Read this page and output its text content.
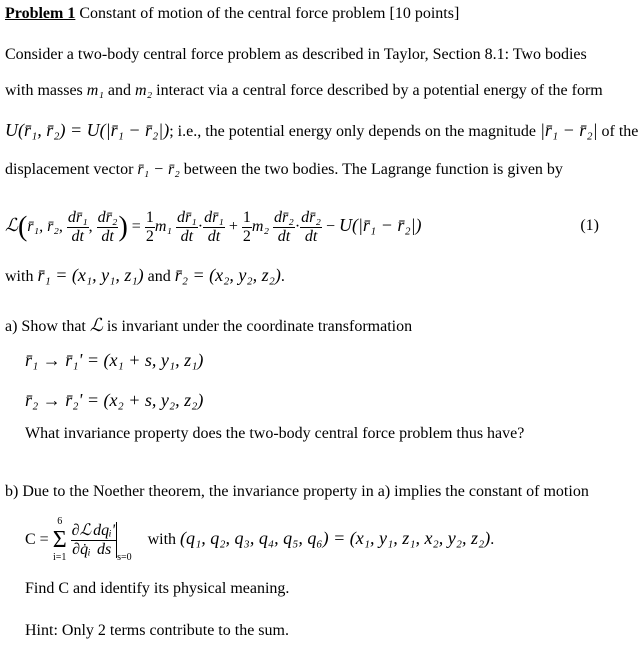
Problem 1 Constant of motion of the central force problem [10 points]
Consider a two-body central force problem as described in Taylor, Section 8.1: Two bodies
with masses m₁ and m₂ interact via a central force described by a potential energy of the form
U(r̄₁, r̄₂) = U(|r̄₁ − r̄₂|); i.e., the potential energy only depends on the magnitude |r̄₁ − r̄₂| of the
displacement vector r̄₁ − r̄₂ between the two bodies. The Lagrange function is given by
ℒ(r̄₁, r̄₂, $\frac{\text{dr̄₁}}{dt}$ , $\frac{\text{dr̄₂}}{dt}$ ) = $\frac{1}{2} m_1 \frac{\text{dr̄₁}}{dt} \cdot \frac{\text{dr̄₁}}{dt} + \frac{1}{2} m_2 \frac{\text{dr̄₂}}{dt} \cdot \frac{\text{dr̄₂}}{dt}$ − U(|r̄₁ − r̄₂|)	(1)
with r̄₁ = (x₁, y₁, z₁) and r̄₂ = (x₂, y₂, z₂).
a) Show that ℒ is invariant under the coordinate transformation
r̄₁ → r̄₁' = (x₁ + s, y₁, z₁)
r̄₂ → r̄₂' = (x₂ + s, y₂, z₂)
What invariance property does the two-body central force problem thus have?
b) Due to the Noether theorem, the invariance property in a) implies the constant of motion
C =
6
Σ
i=1
$\frac{\text{∂ℒ}}{\text{∂q̇ᵢ}} \frac{\text{dqᵢ'}}{ds} _{s=0}$    with (q₁, q₂, q₃, q₄, q₅, q₆) = (x₁, y₁, z₁, x₂, y₂, z₂).
Find C and identify its physical meaning.
Hint: Only 2 terms contribute to the sum.
